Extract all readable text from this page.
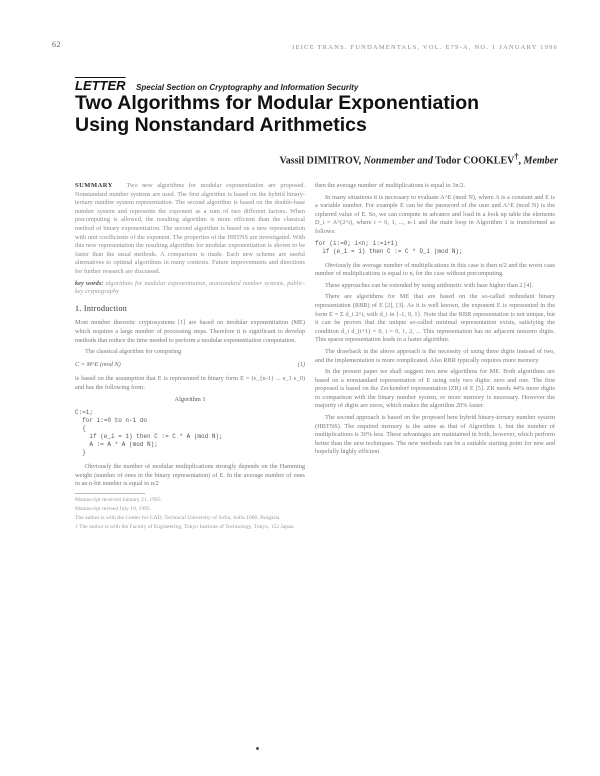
62	IEICE TRANS. FUNDAMENTALS, VOL. E79-A, NO. 1 JANUARY 1996
LETTER Special Section on Cryptography and Information Security
Two Algorithms for Modular Exponentiation Using Nonstandard Arithmetics
Vassil DIMITROV, Nonmember and Todor COOKLEV†, Member

SUMMARY Two new algorithms for modular exponentiation are proposed. Nonstandard number systems are used. The first algorithm is based on the hybrid binary-ternary number system representation. The second algorithm is based on the double-base number system and represents the exponent as a sum of two different factors. When precomputing is allowed, the resulting algorithm is more efficient than the classical method of binary exponentiation. The second algorithm is based on a new representation with unit coefficients of the exponent. The properties of the HBTNS are investigated. With this new representation the resulting algorithm for modular exponentiation is shown to be faster than the usual methods. A comparison is made. Each new scheme are useful alternatives to optimal algorithms in many contexts. Future improvements and directions for further research are discussed.

key words: algorithms for modular exponentiation, nonstandard number systems, public-key cryptography

1. Introduction

Most number theoretic cryptosystems [1] are based on modular exponentiation (ME) which requires a large number of processing steps. Therefore it is significant to develop methods that reduce the time needed to perform a modular exponentiation computation.

The classical algorithm for computing

C = M^E (mod N)	(1)

is based on the assumption that E is represented in binary form E = (e_{n-1} ... e_1 e_0) and has the following form:

Algorithm 1
C:=1;
for i:=0 to n-1 do
{
if (e_i = 1) then C := C * A (mod N);
A := A * A (mod N);
}

Obviously the number of modular multiplications strongly depends on the Hamming weight (number of ones in the binary representation) of E. In the average number of ones in an n-bit number is equal to n/2

Manuscript received January 21, 1995.
Manuscript revised July 19, 1995.
The author is with the Center for CAD, Technical University of Sofia, Sofia 1000, Bulgaria.
† The author is with the Faculty of Engineering, Tokyo Institute of Technology, Tokyo, 152 Japan.

then the average number of multiplications is equal to 3n/2.

In many situations it is necessary to evaluate A^E (mod N), where A is a constant and E is a variable number. For example E can be the password of the user and A^E (mod N) is the ciphered value of E. So, we can compute in advance and load in a look up table the elements D_i = A^(2^i), where i = 0, 1, ..., n-1 and the main loop in Algorithm 1 is transformed as follows:

for (i:=0; i<n; i:=i+1)
if (e_i = 1) then C := C * D_i (mod N);

Obviously the average number of multiplications in this case is then n/2 and the worst case number of multiplications is equal to n, for the case without precomputing.

These approaches can be extended by using arithmetic with base higher than 2 [4].

There are algorithms for ME that are based on the so-called redundant binary representation (RBR) of E [2], [3]. As it is well known, the exponent E is represented in the form E = Σ d_i 2^i, with d_i in {-1, 0, 1}. Note that the RBR representation is not unique, but it can be proven that the unique so-called minimal representation exists, satisfying the condition d_i d_(i+1) = 0, i = 0, 1, 2, ... This representation has no adjacent nonzero digits. This sparse representation leads to a faster algorithm.

The drawback in the above approach is the necessity of using three digits instead of two, and the implementation is more complicated. Also RBR typically requires more memory.

In the present paper we shall suggest two new algorithms for ME. Both algorithms are based on a nonstandard representation of E using only two digits: zero and one. The first proposed is based on the Zeckendorf representation (ZR) of E [5]. ZR needs 44% more digits in comparison with the binary number system, or more memory is necessary. However the majority of digits are zeros, which makes the algorithm 20% faster.

The second approach is based on the proposed here hybrid binary-ternary number system (HBTNS). The required memory is the same as that of Algorithm 1, but the number of multiplications is 30% less. These advantages are maintained in both, however, which perform better than the new techniques. The new methods can be a suitable starting point for new and hopefully highly efficient
